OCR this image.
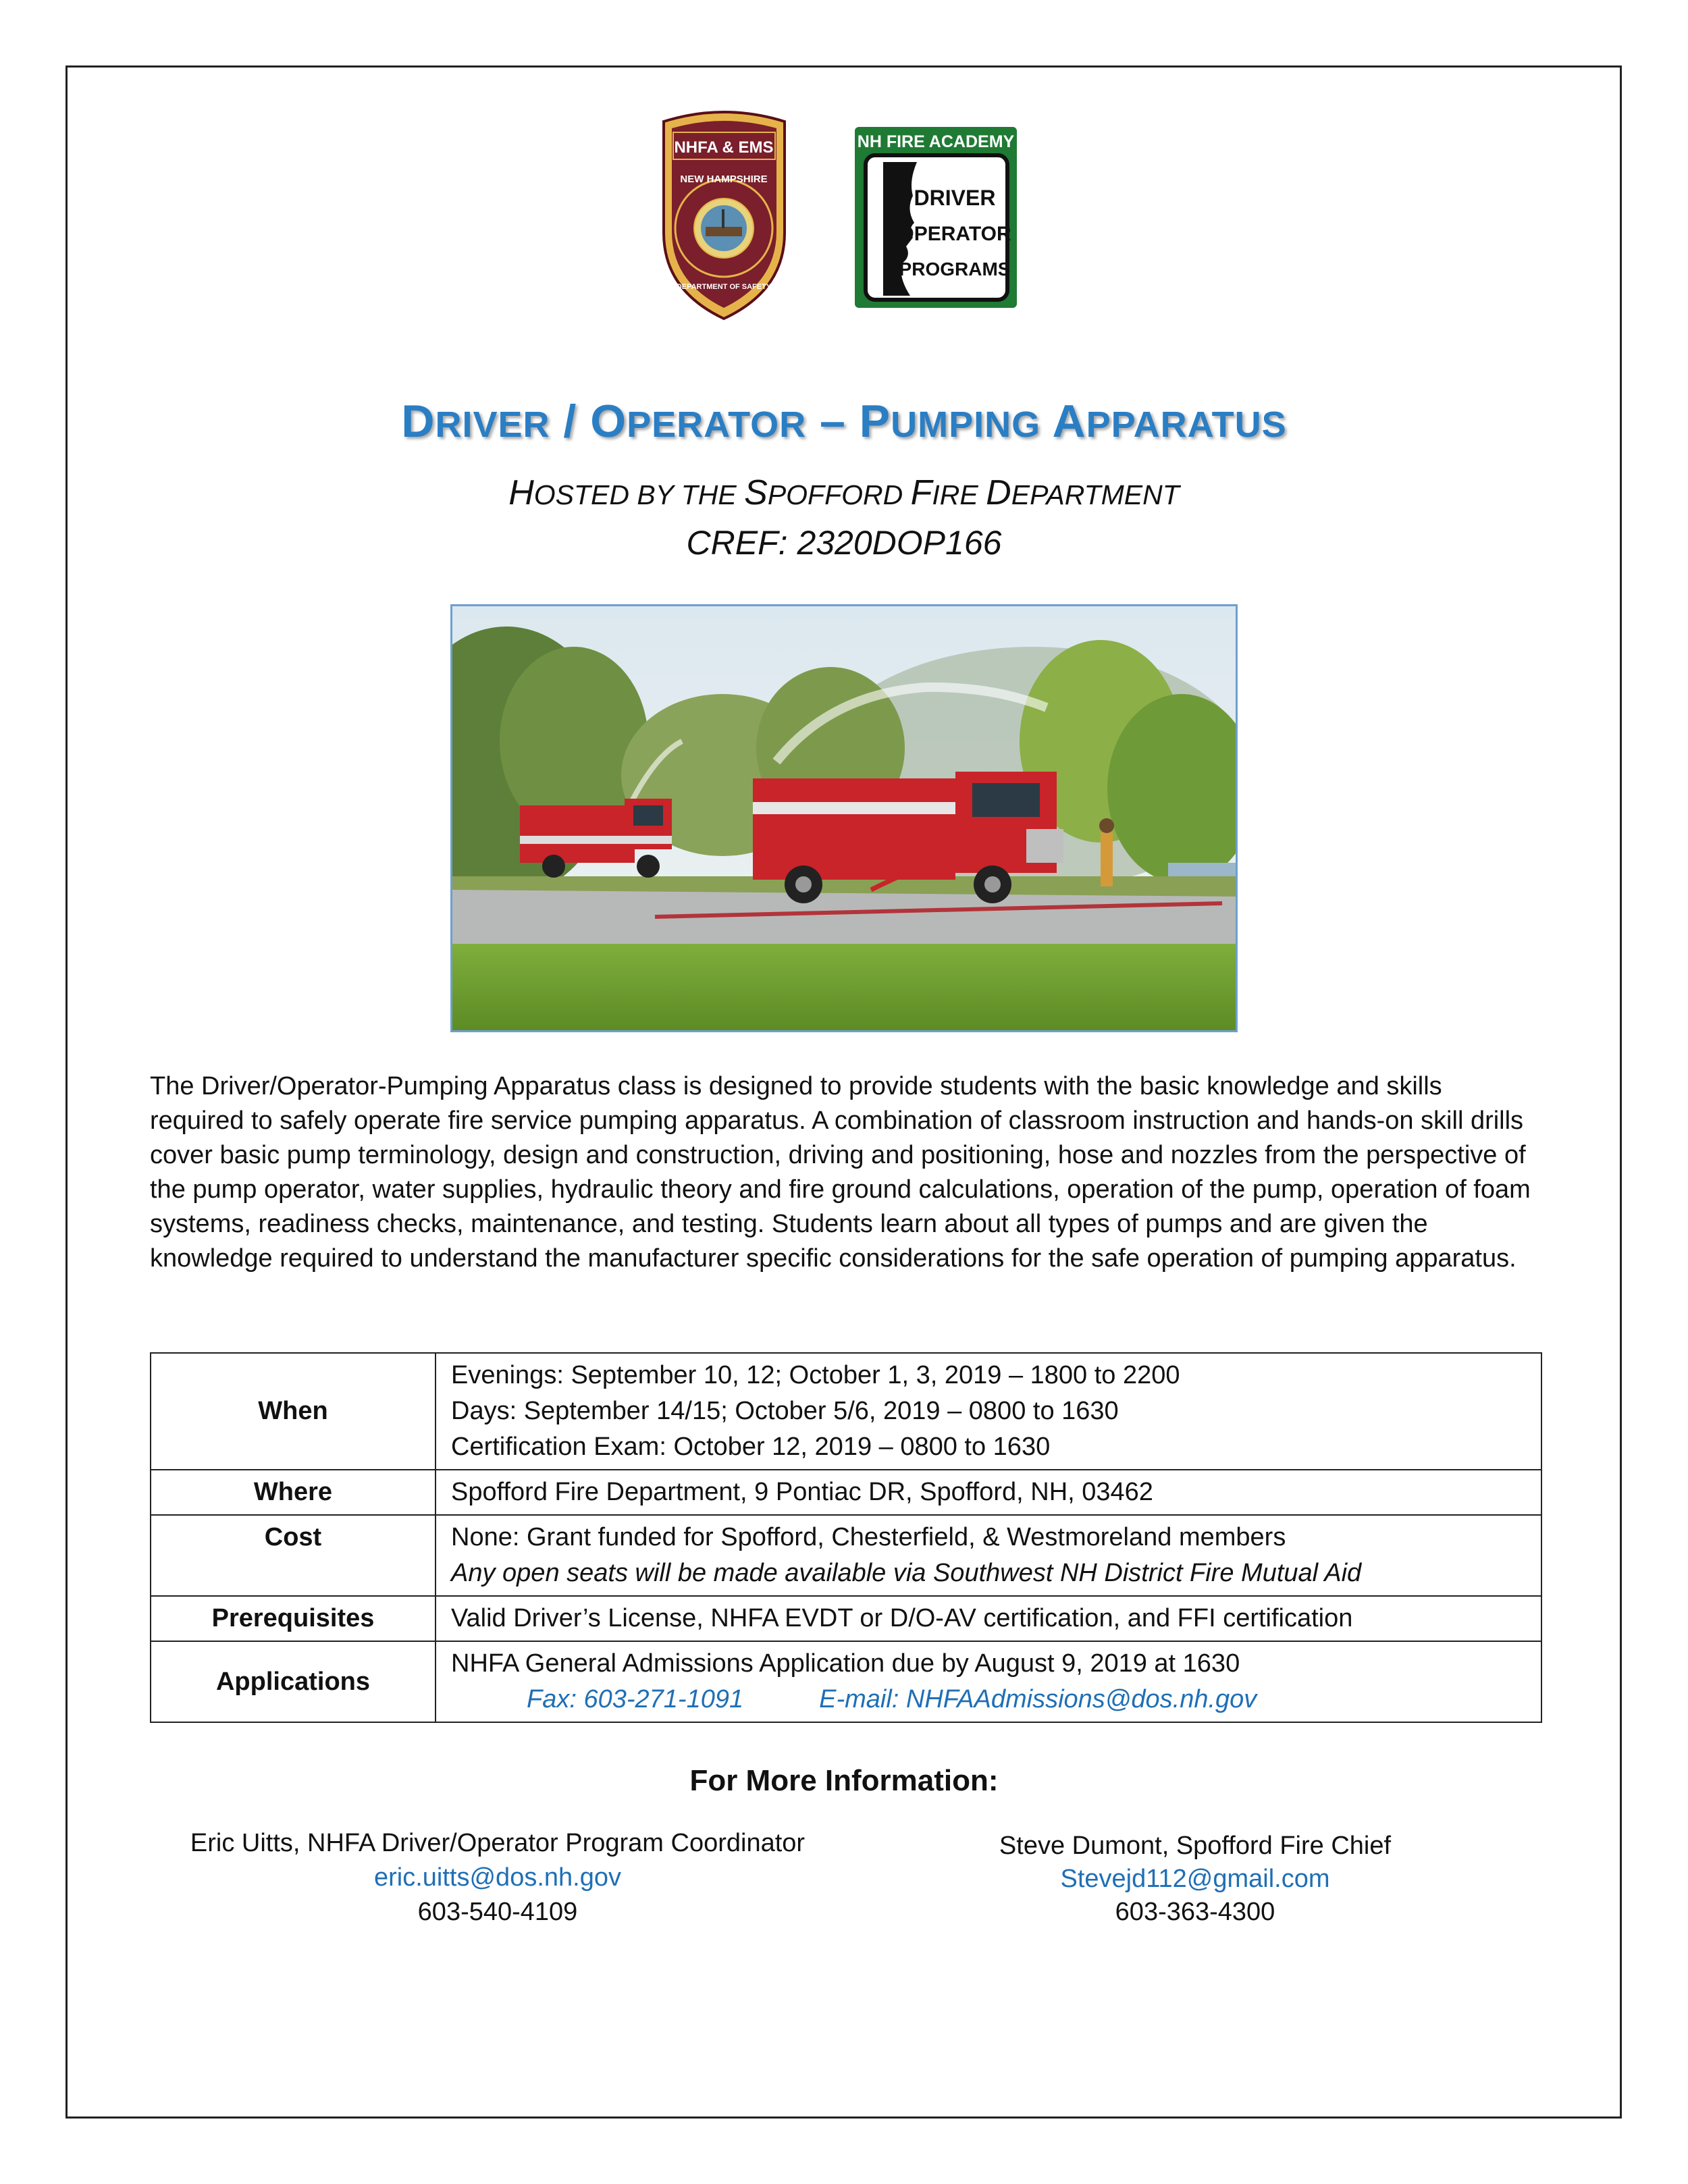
NHFA & EMS
NEW HAMPSHIRE
DEPARTMENT OF SAFETY
NH FIRE ACADEMY
DRIVER
OPERATOR
PROGRAMS
DRIVER / OPERATOR – PUMPING APPARATUS
HOSTED BY THE SPOFFORD FIRE DEPARTMENT
CREF: 2320DOP166
The Driver/Operator-Pumping Apparatus class is designed to provide students with the basic knowledge and skills required to safely operate fire service pumping apparatus. A combination of classroom instruction and hands-on skill drills cover basic pump terminology, design and construction, driving and positioning, hose and nozzles from the perspective of the pump operator, water supplies, hydraulic theory and fire ground calculations, operation of the pump, operation of foam systems, readiness checks, maintenance, and testing. Students learn about all types of pumps and are given the knowledge required to understand the manufacturer specific considerations for the safe operation of pumping apparatus.
When	Evenings: September 10, 12; October 1, 3, 2019 – 1800 to 2200
Days: September 14/15; October 5/6, 2019 – 0800 to 1630
Certification Exam: October 12, 2019 – 0800 to 1630

Where	Spofford Fire Department, 9 Pontiac DR, Spofford, NH, 03462
Cost	None: Grant funded for Spofford, Chesterfield, & Westmoreland members
Any open seats will be made available via Southwest NH District Fire Mutual Aid

Prerequisites	Valid Driver’s License, NHFA EVDT or D/O-AV certification, and FFI certification
Applications	NHFA General Admissions Application due by August 9, 2019 at 1630
Fax: 603-271-1091 E-mail: NHFAAdmissions@dos.nh.gov
For More Information:
Eric Uitts, NHFA Driver/Operator Program Coordinator
eric.uitts@dos.nh.gov
603-540-4109
Steve Dumont, Spofford Fire Chief
Stevejd112@gmail.com
603-363-4300
